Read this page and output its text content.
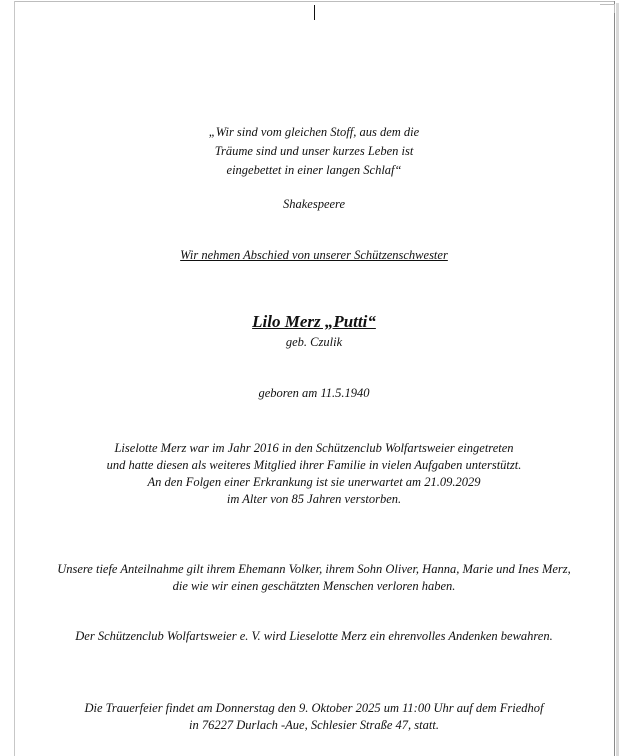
„Wir sind vom gleichen Stoff, aus dem die
Träume sind und unser kurzes Leben ist
eingebettet in einer langen Schlaf“
Shakespeere
Wir nehmen Abschied von unserer Schützenschwester
Lilo Merz „Putti“
geb. Czulik
geboren am 11.5.1940
Liselotte Merz war im Jahr 2016 in den Schützenclub Wolfartsweier eingetreten
und hatte diesen als weiteres Mitglied ihrer Familie in vielen Aufgaben unterstützt.
An den Folgen einer Erkrankung ist sie unerwartet am 21.09.2029
im Alter von 85 Jahren verstorben.
Unsere tiefe Anteilnahme gilt ihrem Ehemann Volker, ihrem Sohn Oliver, Hanna, Marie und Ines Merz,
die wie wir einen geschätzten Menschen verloren haben.
Der Schützenclub Wolfartsweier e. V. wird Lieselotte Merz ein ehrenvolles Andenken bewahren.
Die Trauerfeier findet am Donnerstag den 9. Oktober 2025 um 11:00 Uhr auf dem Friedhof
in 76227 Durlach -Aue, Schlesier Straße 47, statt.
